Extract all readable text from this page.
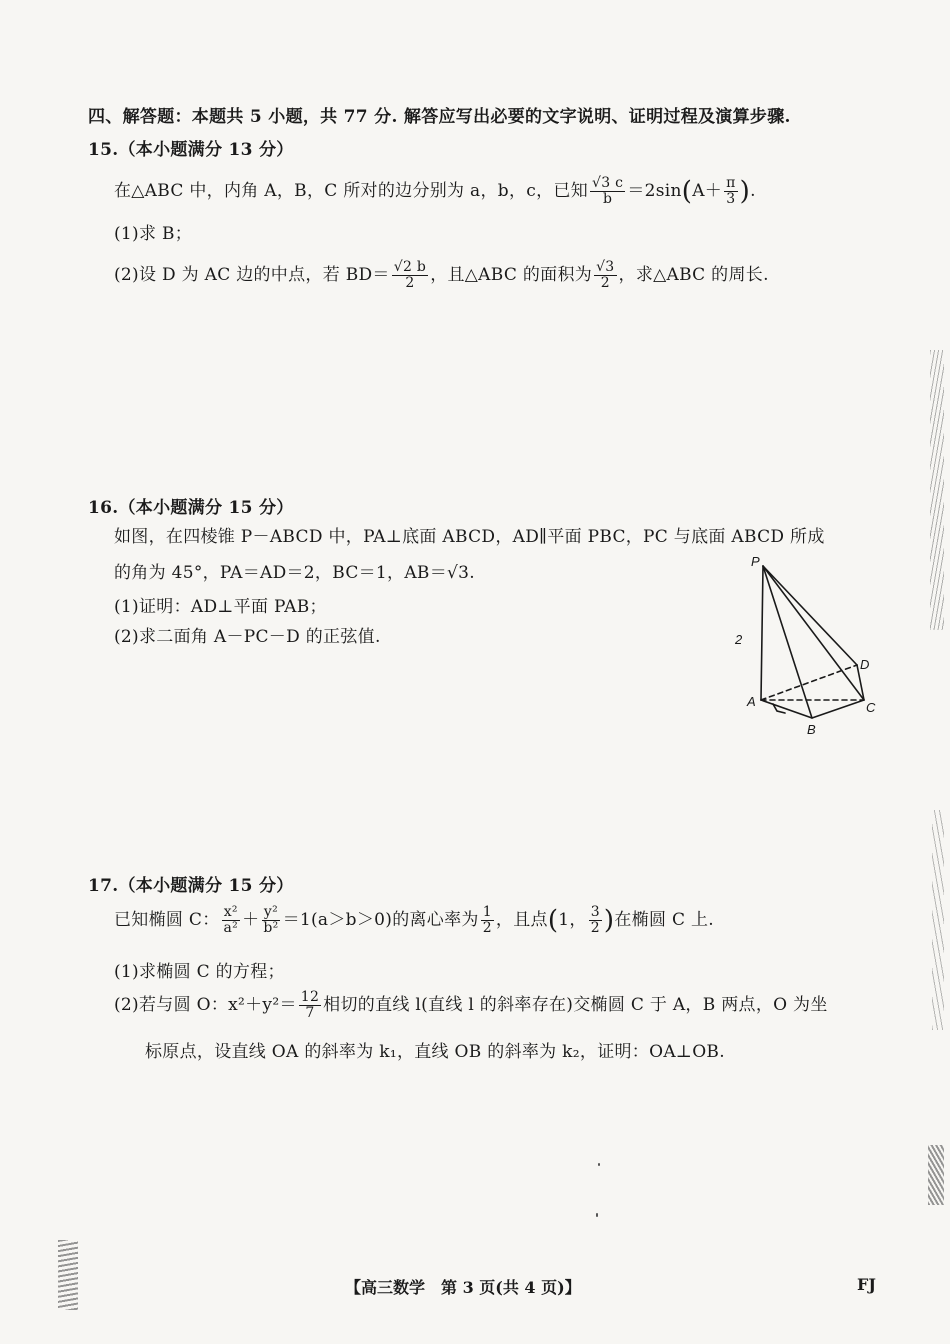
四、解答题：本题共 5 小题，共 77 分. 解答应写出必要的文字说明、证明过程及演算步骤.
15.（本小题满分 13 分）
在△ABC 中，内角 A，B，C 所对的边分别为 a，b，c，已知 $\frac{√3 c}{b} =2\sin(A+ \frac{\pi}{3}$ ).
(1)求 B；
(2)设 D 为 AC 边的中点，若 $BD= \frac{√2 b}{2}$ ，且△ABC 的面积为 $\frac{√3}{2}$ ，求△ABC 的周长.
16.（本小题满分 15 分）
如图，在四棱锥 P－ABCD 中，PA⊥底面 ABCD，AD∥平面 PBC，PC 与底面 ABCD 所成
的角为 45°，PA＝AD＝2，BC＝1，AB＝√3.
(1)证明：AD⊥平面 PAB；
(2)求二面角 A－PC－D 的正弦值.
P
2
A
B
C
D
17.（本小题满分 15 分）
已知椭圆 C： $\frac{\text{x²}}{\text{a²}} + \frac{\text{y²}}{\text{b²}} =1(a>b>0)$的离心率为 $\frac{1}{2}$ ，且点(1， $\frac{3}{2}$ )在椭圆 C 上.
(1)求椭圆 C 的方程；
(2)若与圆 O：$x^2+y^2= \frac{12}{7}$ 相切的直线 l(直线 l 的斜率存在)交椭圆 C 于 A，B 两点，O 为坐
标原点，设直线 OA 的斜率为 k₁，直线 OB 的斜率为 k₂，证明：OA⊥OB.
【高三数学　第 3 页(共 4 页)】	FJ
